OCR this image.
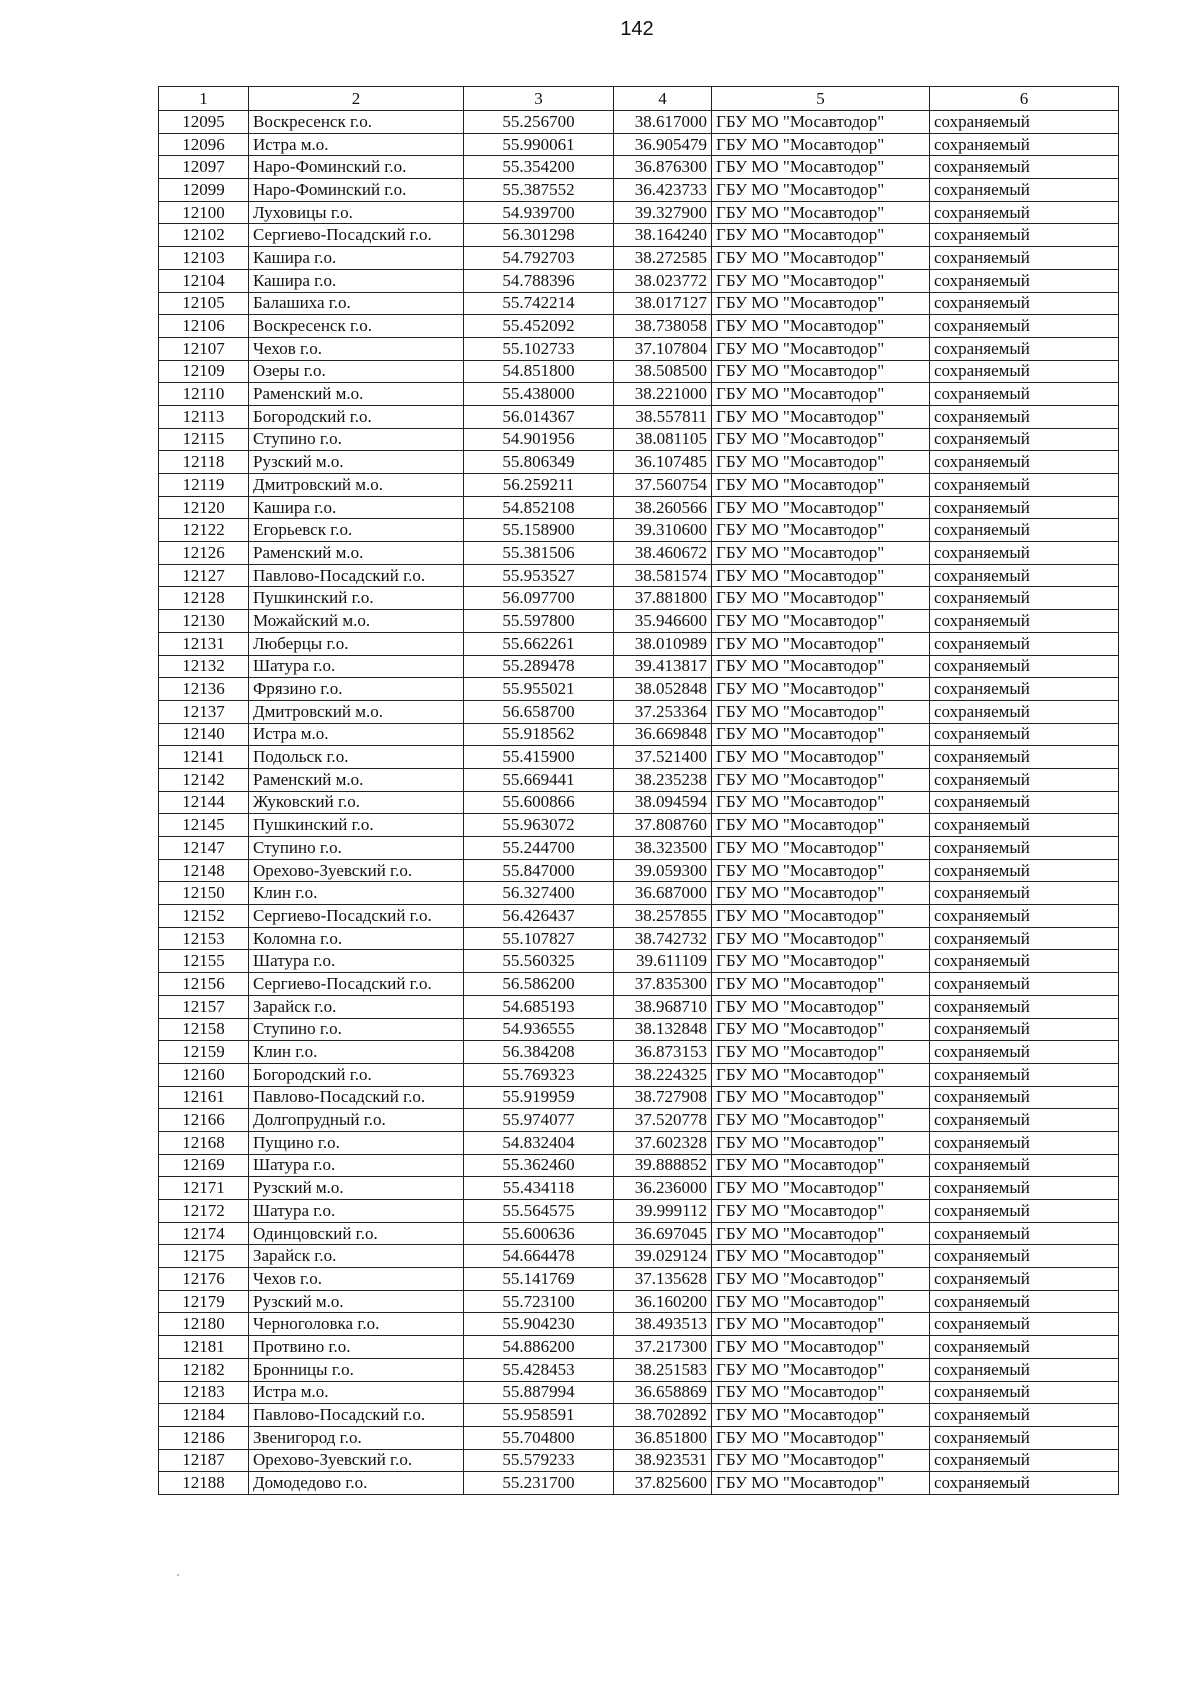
142
1	2	3	4	5	6
12095	Воскресенск г.о.	55.256700	38.617000	ГБУ МО "Мосавтодор"	сохраняемый
12096	Истра м.о.	55.990061	36.905479	ГБУ МО "Мосавтодор"	сохраняемый
12097	Наро-Фоминский г.о.	55.354200	36.876300	ГБУ МО "Мосавтодор"	сохраняемый
12099	Наро-Фоминский г.о.	55.387552	36.423733	ГБУ МО "Мосавтодор"	сохраняемый
12100	Луховицы г.о.	54.939700	39.327900	ГБУ МО "Мосавтодор"	сохраняемый
12102	Сергиево-Посадский г.о.	56.301298	38.164240	ГБУ МО "Мосавтодор"	сохраняемый
12103	Кашира г.о.	54.792703	38.272585	ГБУ МО "Мосавтодор"	сохраняемый
12104	Кашира г.о.	54.788396	38.023772	ГБУ МО "Мосавтодор"	сохраняемый
12105	Балашиха г.о.	55.742214	38.017127	ГБУ МО "Мосавтодор"	сохраняемый
12106	Воскресенск г.о.	55.452092	38.738058	ГБУ МО "Мосавтодор"	сохраняемый
12107	Чехов г.о.	55.102733	37.107804	ГБУ МО "Мосавтодор"	сохраняемый
12109	Озеры г.о.	54.851800	38.508500	ГБУ МО "Мосавтодор"	сохраняемый
12110	Раменский м.о.	55.438000	38.221000	ГБУ МО "Мосавтодор"	сохраняемый
12113	Богородский г.о.	56.014367	38.557811	ГБУ МО "Мосавтодор"	сохраняемый
12115	Ступино г.о.	54.901956	38.081105	ГБУ МО "Мосавтодор"	сохраняемый
12118	Рузский м.о.	55.806349	36.107485	ГБУ МО "Мосавтодор"	сохраняемый
12119	Дмитровский м.о.	56.259211	37.560754	ГБУ МО "Мосавтодор"	сохраняемый
12120	Кашира г.о.	54.852108	38.260566	ГБУ МО "Мосавтодор"	сохраняемый
12122	Егорьевск г.о.	55.158900	39.310600	ГБУ МО "Мосавтодор"	сохраняемый
12126	Раменский м.о.	55.381506	38.460672	ГБУ МО "Мосавтодор"	сохраняемый
12127	Павлово-Посадский г.о.	55.953527	38.581574	ГБУ МО "Мосавтодор"	сохраняемый
12128	Пушкинский г.о.	56.097700	37.881800	ГБУ МО "Мосавтодор"	сохраняемый
12130	Можайский м.о.	55.597800	35.946600	ГБУ МО "Мосавтодор"	сохраняемый
12131	Люберцы г.о.	55.662261	38.010989	ГБУ МО "Мосавтодор"	сохраняемый
12132	Шатура г.о.	55.289478	39.413817	ГБУ МО "Мосавтодор"	сохраняемый
12136	Фрязино г.о.	55.955021	38.052848	ГБУ МО "Мосавтодор"	сохраняемый
12137	Дмитровский м.о.	56.658700	37.253364	ГБУ МО "Мосавтодор"	сохраняемый
12140	Истра м.о.	55.918562	36.669848	ГБУ МО "Мосавтодор"	сохраняемый
12141	Подольск г.о.	55.415900	37.521400	ГБУ МО "Мосавтодор"	сохраняемый
12142	Раменский м.о.	55.669441	38.235238	ГБУ МО "Мосавтодор"	сохраняемый
12144	Жуковский г.о.	55.600866	38.094594	ГБУ МО "Мосавтодор"	сохраняемый
12145	Пушкинский г.о.	55.963072	37.808760	ГБУ МО "Мосавтодор"	сохраняемый
12147	Ступино г.о.	55.244700	38.323500	ГБУ МО "Мосавтодор"	сохраняемый
12148	Орехово-Зуевский г.о.	55.847000	39.059300	ГБУ МО "Мосавтодор"	сохраняемый
12150	Клин г.о.	56.327400	36.687000	ГБУ МО "Мосавтодор"	сохраняемый
12152	Сергиево-Посадский г.о.	56.426437	38.257855	ГБУ МО "Мосавтодор"	сохраняемый
12153	Коломна г.о.	55.107827	38.742732	ГБУ МО "Мосавтодор"	сохраняемый
12155	Шатура г.о.	55.560325	39.611109	ГБУ МО "Мосавтодор"	сохраняемый
12156	Сергиево-Посадский г.о.	56.586200	37.835300	ГБУ МО "Мосавтодор"	сохраняемый
12157	Зарайск г.о.	54.685193	38.968710	ГБУ МО "Мосавтодор"	сохраняемый
12158	Ступино г.о.	54.936555	38.132848	ГБУ МО "Мосавтодор"	сохраняемый
12159	Клин г.о.	56.384208	36.873153	ГБУ МО "Мосавтодор"	сохраняемый
12160	Богородский г.о.	55.769323	38.224325	ГБУ МО "Мосавтодор"	сохраняемый
12161	Павлово-Посадский г.о.	55.919959	38.727908	ГБУ МО "Мосавтодор"	сохраняемый
12166	Долгопрудный г.о.	55.974077	37.520778	ГБУ МО "Мосавтодор"	сохраняемый
12168	Пущино г.о.	54.832404	37.602328	ГБУ МО "Мосавтодор"	сохраняемый
12169	Шатура г.о.	55.362460	39.888852	ГБУ МО "Мосавтодор"	сохраняемый
12171	Рузский м.о.	55.434118	36.236000	ГБУ МО "Мосавтодор"	сохраняемый
12172	Шатура г.о.	55.564575	39.999112	ГБУ МО "Мосавтодор"	сохраняемый
12174	Одинцовский г.о.	55.600636	36.697045	ГБУ МО "Мосавтодор"	сохраняемый
12175	Зарайск г.о.	54.664478	39.029124	ГБУ МО "Мосавтодор"	сохраняемый
12176	Чехов г.о.	55.141769	37.135628	ГБУ МО "Мосавтодор"	сохраняемый
12179	Рузский м.о.	55.723100	36.160200	ГБУ МО "Мосавтодор"	сохраняемый
12180	Черноголовка г.о.	55.904230	38.493513	ГБУ МО "Мосавтодор"	сохраняемый
12181	Протвино г.о.	54.886200	37.217300	ГБУ МО "Мосавтодор"	сохраняемый
12182	Бронницы г.о.	55.428453	38.251583	ГБУ МО "Мосавтодор"	сохраняемый
12183	Истра м.о.	55.887994	36.658869	ГБУ МО "Мосавтодор"	сохраняемый
12184	Павлово-Посадский г.о.	55.958591	38.702892	ГБУ МО "Мосавтодор"	сохраняемый
12186	Звенигород г.о.	55.704800	36.851800	ГБУ МО "Мосавтодор"	сохраняемый
12187	Орехово-Зуевский г.о.	55.579233	38.923531	ГБУ МО "Мосавтодор"	сохраняемый
12188	Домодедово г.о.	55.231700	37.825600	ГБУ МО "Мосавтодор"	сохраняемый
